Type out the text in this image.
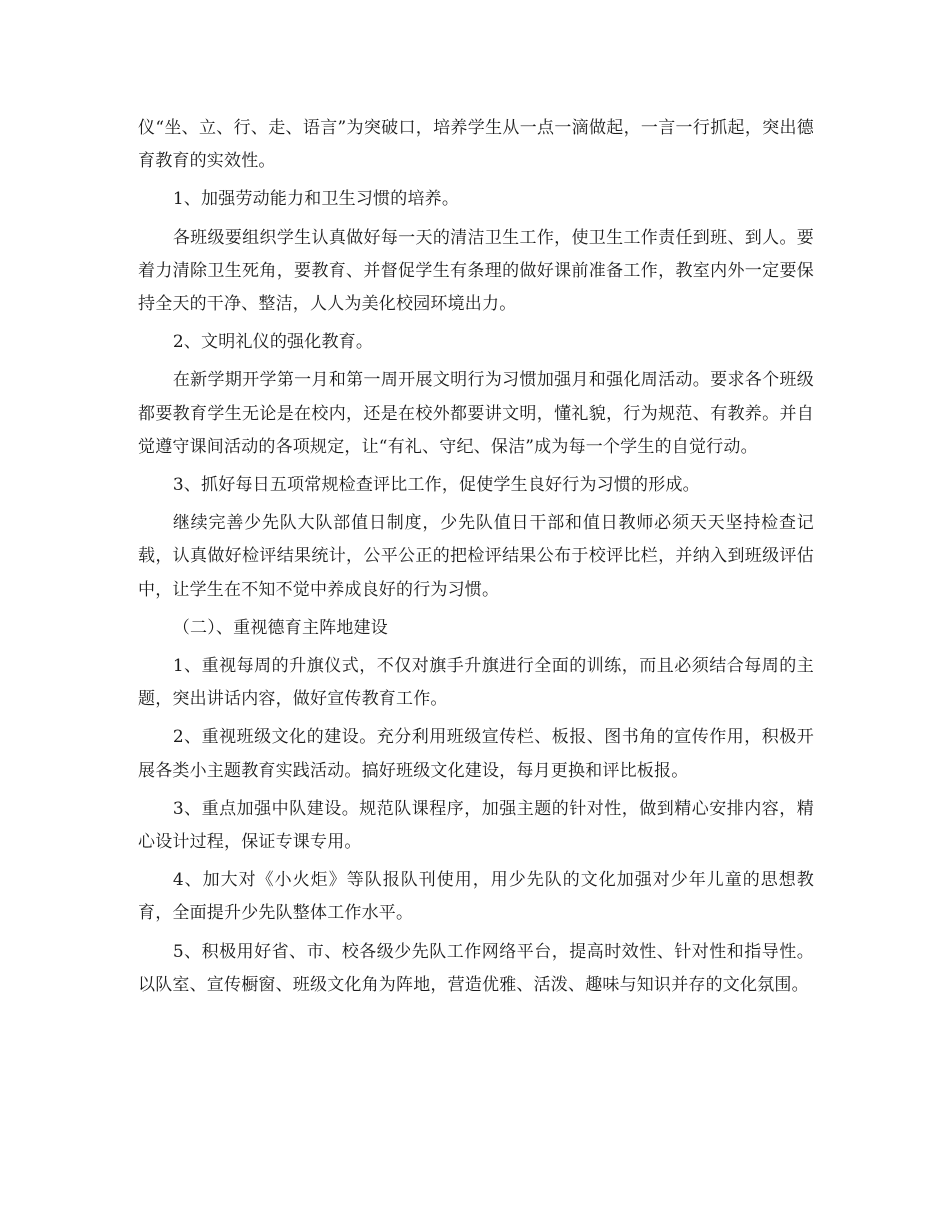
仪“坐、立、行、走、语言”为突破口，培养学生从一点一滴做起，一言一行抓起，突出德育教育的实效性。

1、加强劳动能力和卫生习惯的培养。

各班级要组织学生认真做好每一天的清洁卫生工作，使卫生工作责任到班、到人。要着力清除卫生死角，要教育、并督促学生有条理的做好课前准备工作，教室内外一定要保持全天的干净、整洁，人人为美化校园环境出力。

2、文明礼仪的强化教育。

在新学期开学第一月和第一周开展文明行为习惯加强月和强化周活动。要求各个班级都要教育学生无论是在校内，还是在校外都要讲文明，懂礼貌，行为规范、有教养。并自觉遵守课间活动的各项规定，让“有礼、守纪、保洁”成为每一个学生的自觉行动。

3、抓好每日五项常规检查评比工作，促使学生良好行为习惯的形成。

继续完善少先队大队部值日制度，少先队值日干部和值日教师必须天天坚持检查记载，认真做好检评结果统计，公平公正的把检评结果公布于校评比栏，并纳入到班级评估中，让学生在不知不觉中养成良好的行为习惯。

（二）、重视德育主阵地建设

1、重视每周的升旗仪式，不仅对旗手升旗进行全面的训练，而且必须结合每周的主题，突出讲话内容，做好宣传教育工作。

2、重视班级文化的建设。充分利用班级宣传栏、板报、图书角的宣传作用，积极开展各类小主题教育实践活动。搞好班级文化建设，每月更换和评比板报。

3、重点加强中队建设。规范队课程序，加强主题的针对性，做到精心安排内容，精心设计过程，保证专课专用。

4、加大对《小火炬》等队报队刊使用，用少先队的文化加强对少年儿童的思想教育，全面提升少先队整体工作水平。

5、积极用好省、市、校各级少先队工作网络平台，提高时效性、针对性和指导性。以队室、宣传橱窗、班级文化角为阵地，营造优雅、活泼、趣味与知识并存的文化氛围。
